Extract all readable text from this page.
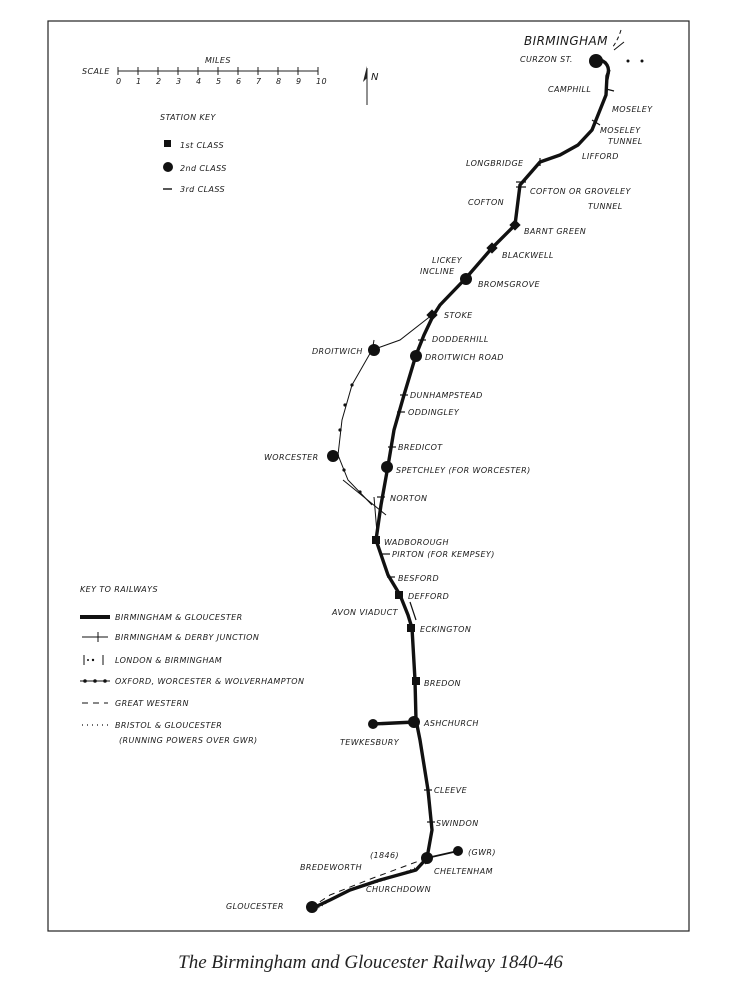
SCALE
MILES
0 1 2 3 4 5 6 7 8 9 10	N
STATION KEY
1st CLASS
2nd CLASS
3rd CLASS
KEY TO RAILWAYS
BIRMINGHAM & GLOUCESTER
BIRMINGHAM & DERBY JUNCTION
LONDON & BIRMINGHAM
OXFORD, WORCESTER & WOLVERHAMPTON
GREAT WESTERN
BRISTOL & GLOUCESTER
(RUNNING POWERS OVER GWR)
BIRMINGHAM
CURZON ST.
CAMPHILL
MOSELEY
MOSELEY
TUNNEL
LIFFORD
LONGBRIDGE
COFTON
COFTON OR GROVELEY
TUNNEL
BARNT GREEN
BLACKWELL
LICKEY
INCLINE
BROMSGROVE
STOKE
DODDERHILL
DROITWICH
DROITWICH ROAD
DUNHAMPSTEAD
ODDINGLEY
BREDICOT
WORCESTER
SPETCHLEY (FOR WORCESTER)
NORTON
WADBOROUGH
PIRTON (FOR KEMPSEY)
BESFORD
DEFFORD
AVON VIADUCT
ECKINGTON
BREDON
ASHCHURCH
TEWKESBURY
CLEEVE
SWINDON
(1846)	(GWR)
BREDEWORTH	CHELTENHAM
CHURCHDOWN
GLOUCESTER
The Birmingham and Gloucester Railway 1840-46
